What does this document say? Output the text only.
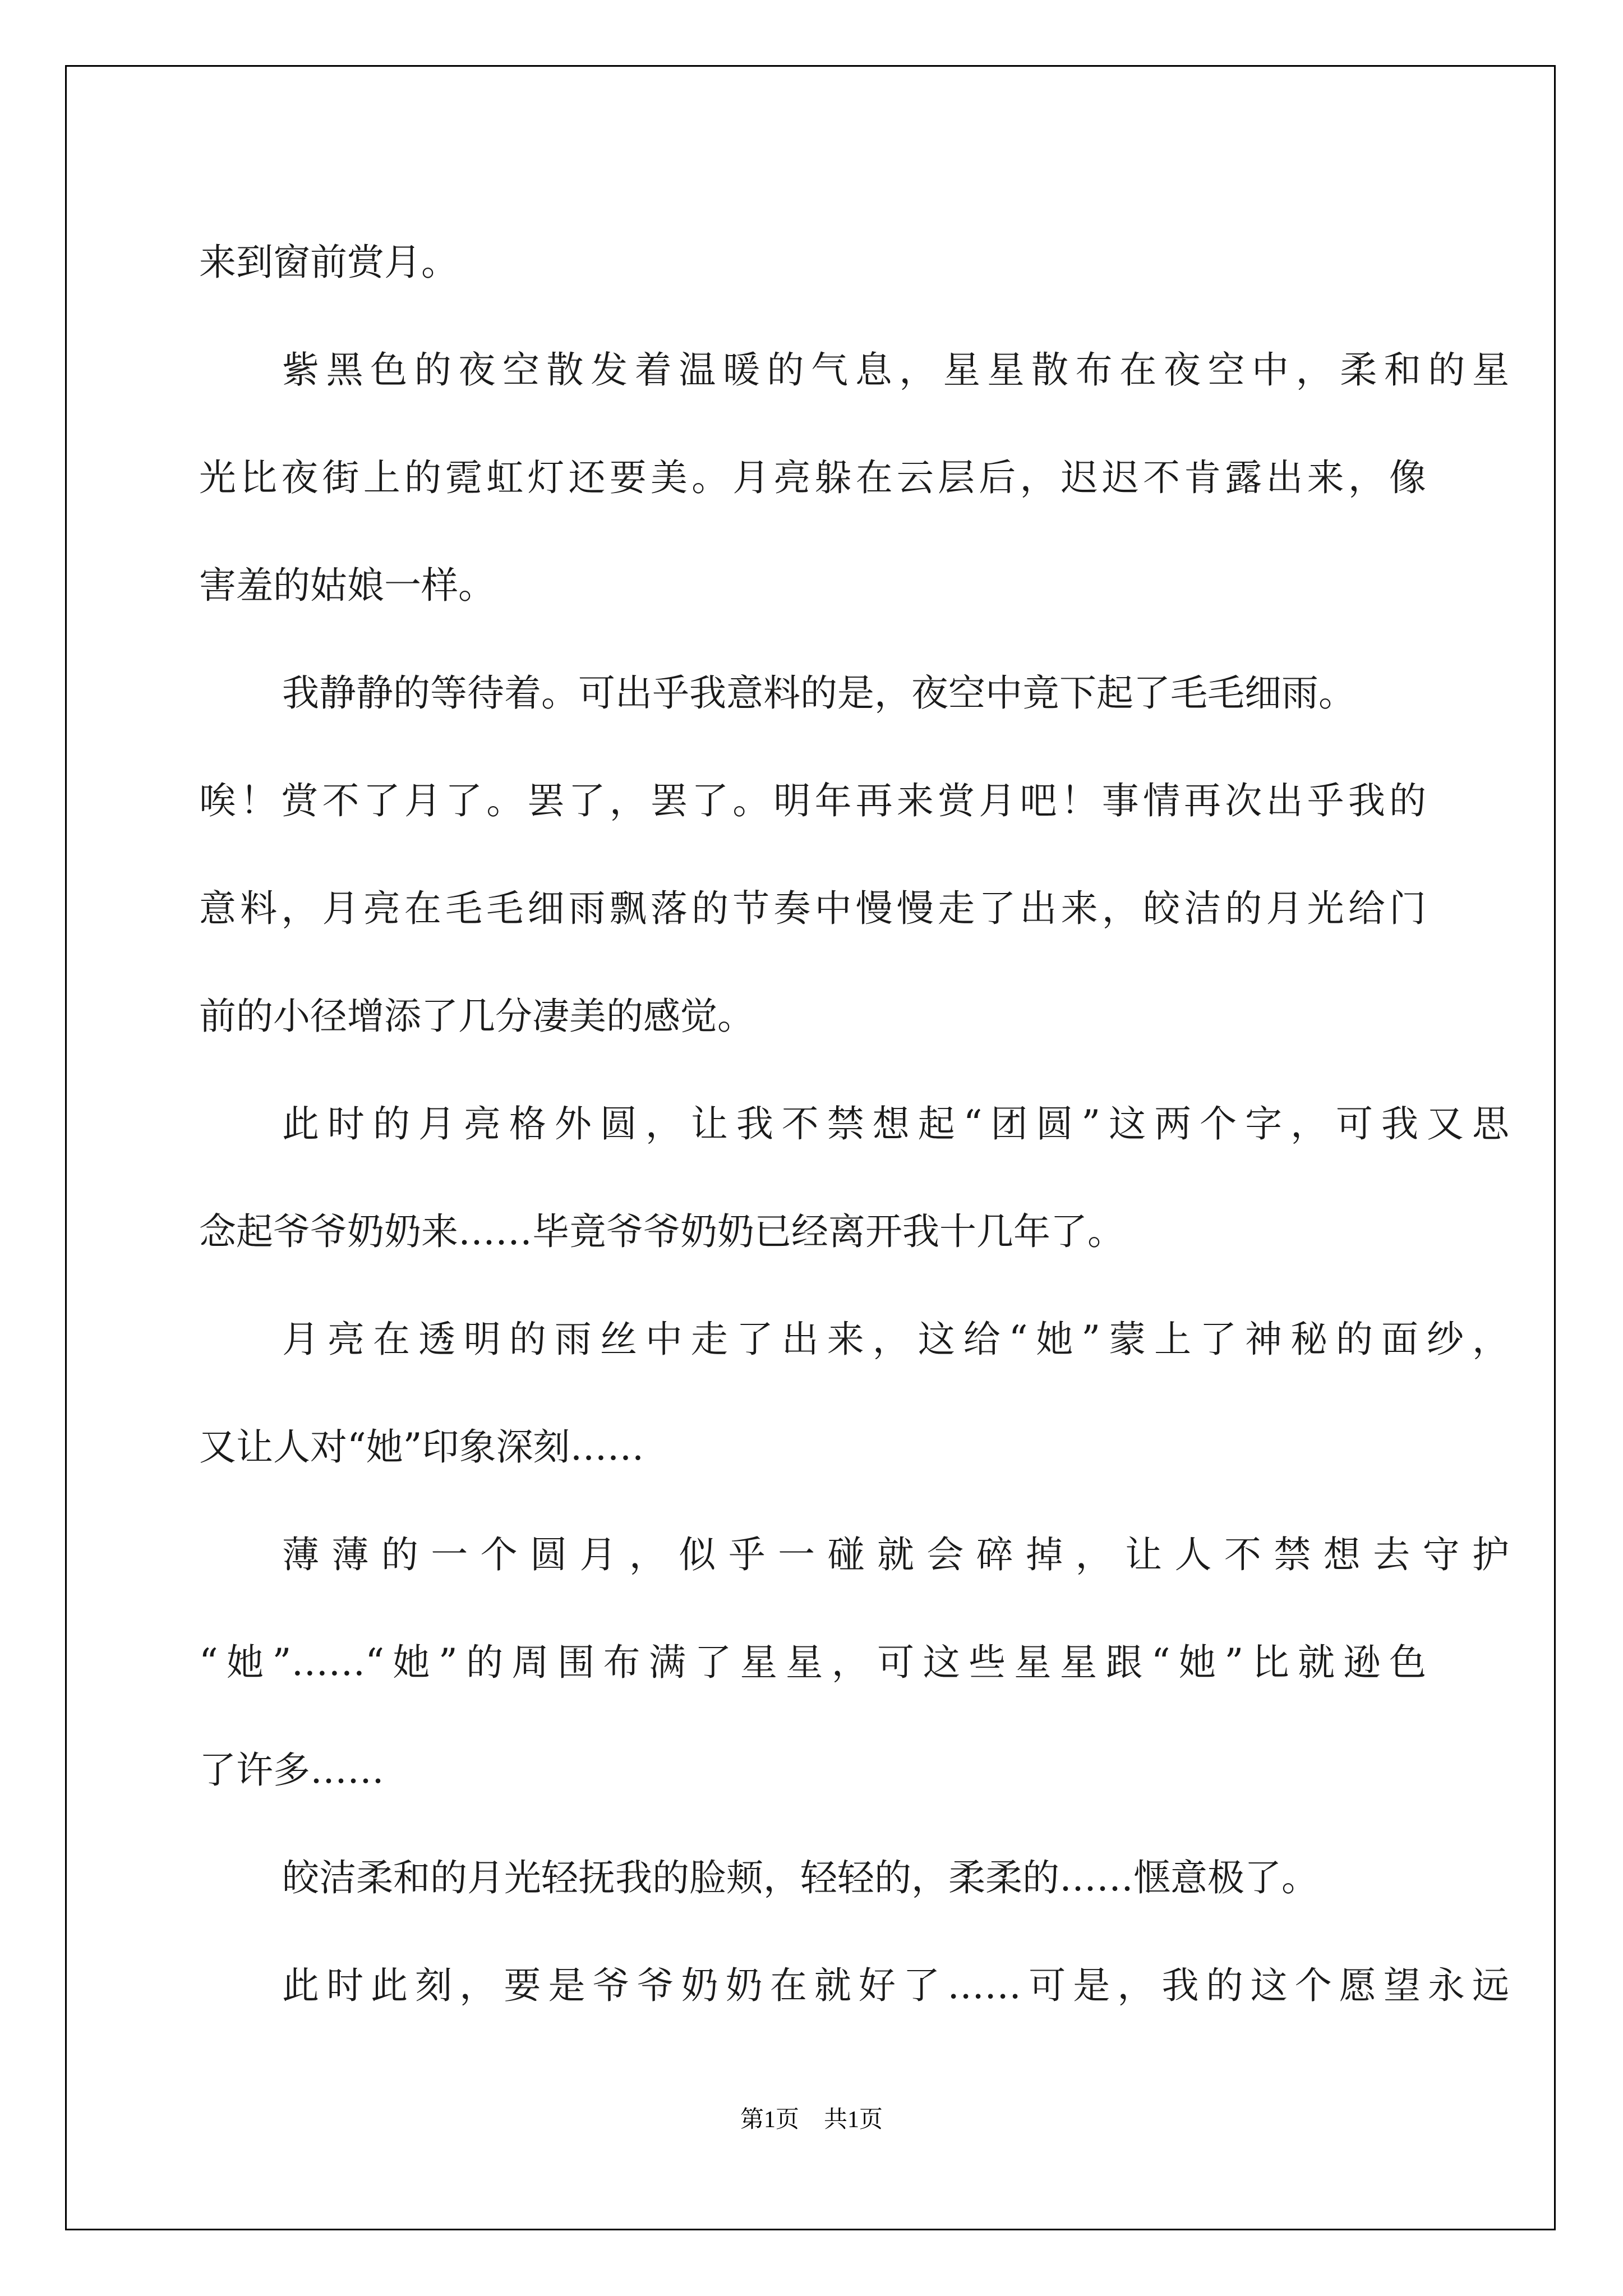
来到窗前赏月。
紫黑色的夜空散发着温暖的气息，星星散布在夜空中，柔和的星
光比夜街上的霓虹灯还要美。月亮躲在云层后，迟迟不肯露出来，像
害羞的姑娘一样。
我静静的等待着。可出乎我意料的是，夜空中竟下起了毛毛细雨。
唉！赏不了月了。罢了，罢了。明年再来赏月吧！事情再次出乎我的
意料，月亮在毛毛细雨飘落的节奏中慢慢走了出来，皎洁的月光给门
前的小径增添了几分凄美的感觉。
此时的月亮格外圆，让我不禁想起“团圆”这两个字，可我又思
念起爷爷奶奶来……毕竟爷爷奶奶已经离开我十几年了。
月亮在透明的雨丝中走了出来，这给“她”蒙上了神秘的面纱，
又让人对“她”印象深刻……
薄薄的一个圆月，似乎一碰就会碎掉，让人不禁想去守护
“她”……“她”的周围布满了星星，可这些星星跟“她”比就逊色
了许多……
皎洁柔和的月光轻抚我的脸颊，轻轻的，柔柔的……惬意极了。
此时此刻，要是爷爷奶奶在就好了……可是，我的这个愿望永远
第1页 共1页
